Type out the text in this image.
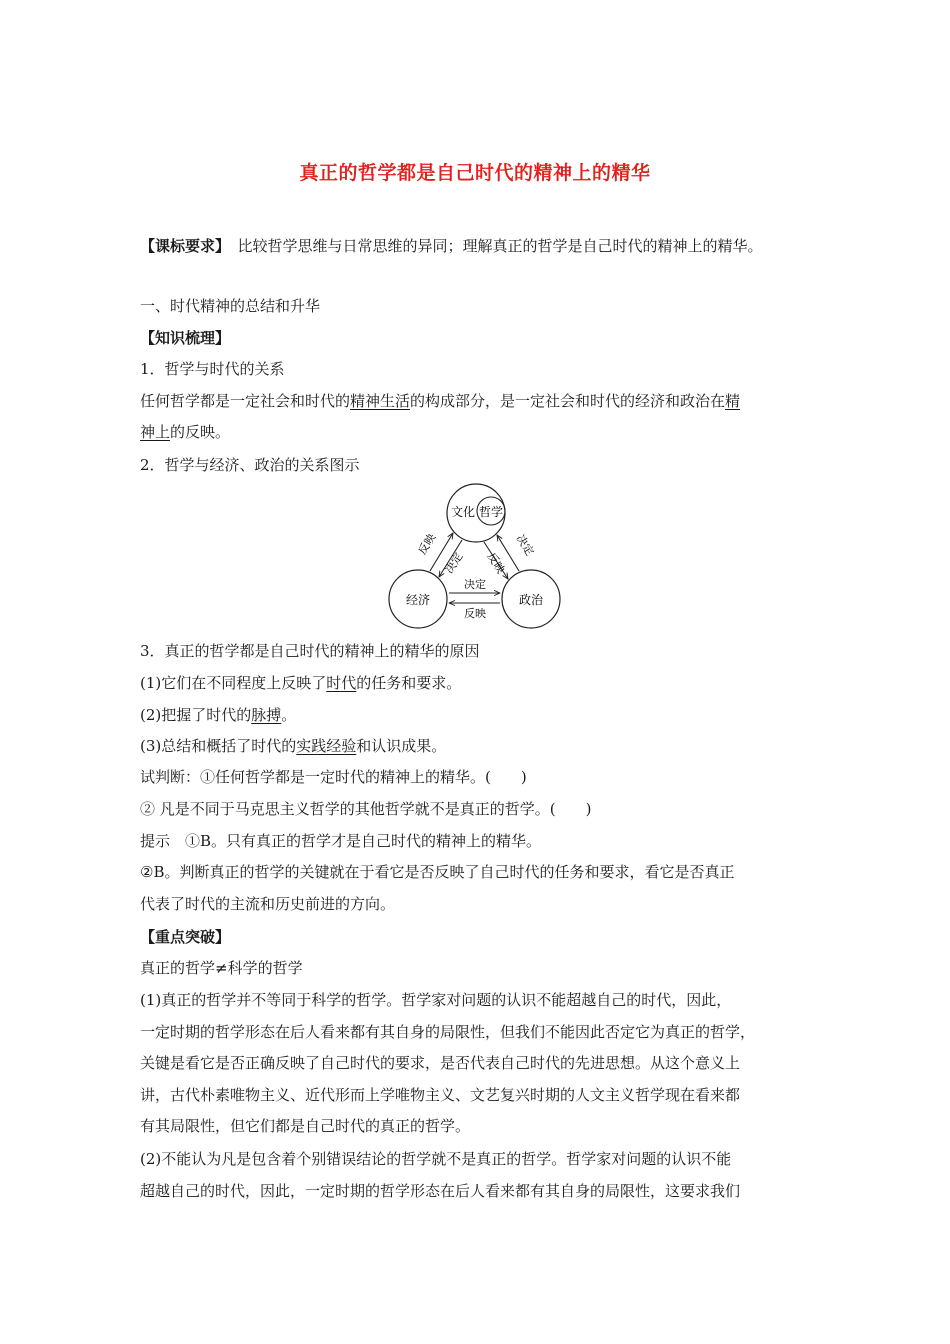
真正的哲学都是自己时代的精神上的精华
【课标要求】  比较哲学思维与日常思维的异同；理解真正的哲学是自己时代的精神上的精华。
一、时代精神的总结和升华
【知识梳理】
1．哲学与时代的关系
任何哲学都是一定社会和时代的精神生活的构成部分，是一定社会和时代的经济和政治在精
神上的反映。
2．哲学与经济、政治的关系图示
文化 哲学
经济	政治
反映
决定
决定
反映
决定
反映
3．真正的哲学都是自己时代的精神上的精华的原因
(1)它们在不同程度上反映了时代的任务和要求。
(2)把握了时代的脉搏。
(3)总结和概括了时代的实践经验和认识成果。
试判断：①任何哲学都是一定时代的精神上的精华。(　　)
② 凡是不同于马克思主义哲学的其他哲学就不是真正的哲学。(　　)
提示　①B。只有真正的哲学才是自己时代的精神上的精华。
②B。判断真正的哲学的关键就在于看它是否反映了自己时代的任务和要求，看它是否真正
代表了时代的主流和历史前进的方向。
【重点突破】
真正的哲学≠科学的哲学
(1)真正的哲学并不等同于科学的哲学。哲学家对问题的认识不能超越自己的时代，因此，
一定时期的哲学形态在后人看来都有其自身的局限性，但我们不能因此否定它为真正的哲学，
关键是看它是否正确反映了自己时代的要求，是否代表自己时代的先进思想。从这个意义上
讲，古代朴素唯物主义、近代形而上学唯物主义、文艺复兴时期的人文主义哲学现在看来都
有其局限性，但它们都是自己时代的真正的哲学。
(2)不能认为凡是包含着个别错误结论的哲学就不是真正的哲学。哲学家对问题的认识不能
超越自己的时代，因此，一定时期的哲学形态在后人看来都有其自身的局限性，这要求我们
